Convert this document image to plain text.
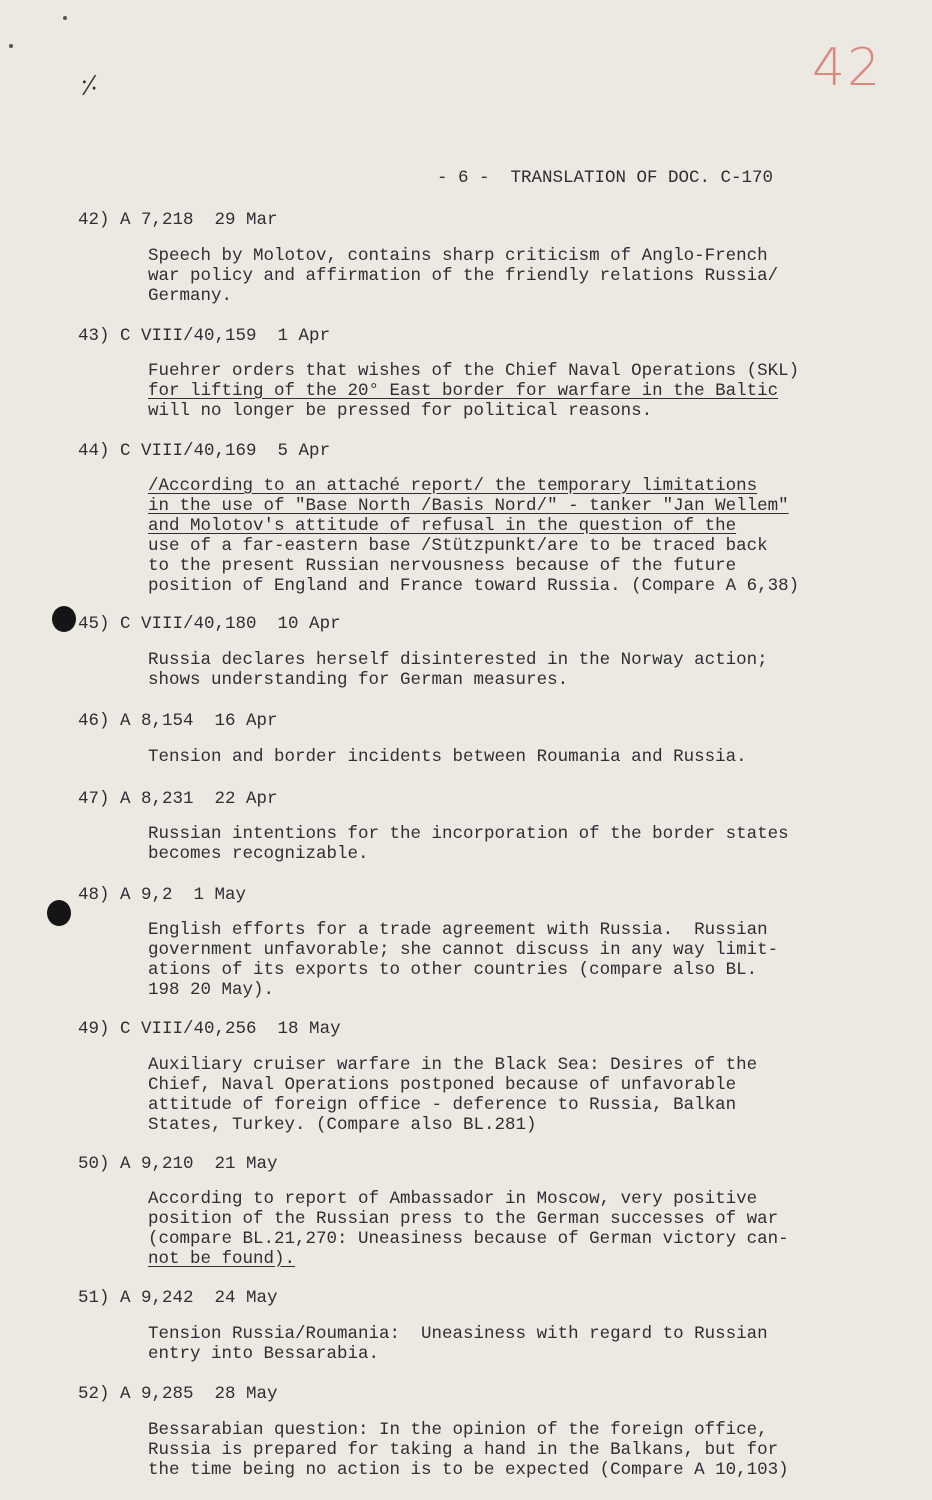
42
⸓
- 6 -  TRANSLATION OF DOC. C-170
42) A 7,218  29 Mar
Speech by Molotov, contains sharp criticism of Anglo-French
war policy and affirmation of the friendly relations Russia/
Germany.
43) C VIII/40,159  1 Apr
Fuehrer orders that wishes of the Chief Naval Operations (SKL)
for lifting of the 20° East border for warfare in the Baltic
will no longer be pressed for political reasons.
44) C VIII/40,169  5 Apr
/According to an attaché report/ the temporary limitations
in the use of "Base North /Basis Nord/" - tanker "Jan Wellem"
and Molotov's attitude of refusal in the question of the
use of a far-eastern base /Stützpunkt/are to be traced back
to the present Russian nervousness because of the future
position of England and France toward Russia. (Compare A 6,38)
45) C VIII/40,180  10 Apr
Russia declares herself disinterested in the Norway action;
shows understanding for German measures.
46) A 8,154  16 Apr
Tension and border incidents between Roumania and Russia.
47) A 8,231  22 Apr
Russian intentions for the incorporation of the border states
becomes recognizable.
48) A 9,2  1 May
English efforts for a trade agreement with Russia.  Russian
government unfavorable; she cannot discuss in any way limit-
ations of its exports to other countries (compare also BL.
198 20 May).
49) C VIII/40,256  18 May
Auxiliary cruiser warfare in the Black Sea: Desires of the
Chief, Naval Operations postponed because of unfavorable
attitude of foreign office - deference to Russia, Balkan
States, Turkey. (Compare also BL.281)
50) A 9,210  21 May
According to report of Ambassador in Moscow, very positive
position of the Russian press to the German successes of war
(compare BL.21,270: Uneasiness because of German victory can-
not be found).
51) A 9,242  24 May
Tension Russia/Roumania:  Uneasiness with regard to Russian
entry into Bessarabia.
52) A 9,285  28 May
Bessarabian question: In the opinion of the foreign office,
Russia is prepared for taking a hand in the Balkans, but for
the time being no action is to be expected (Compare A 10,103)
